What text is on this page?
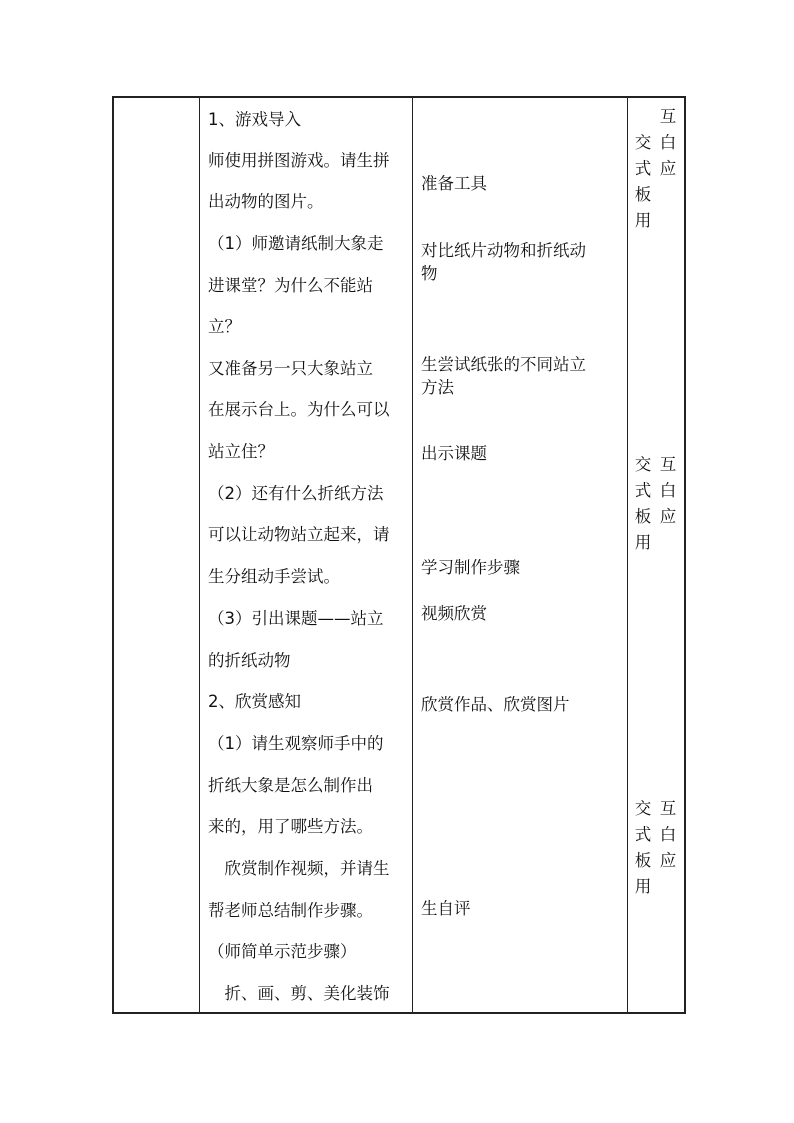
1、游戏导入
师使用拼图游戏。请生拼
出动物的图片。
（1）师邀请纸制大象走
进课堂？为什么不能站
立？
又准备另一只大象站立
在展示台上。为什么可以
站立住？
（2）还有什么折纸方法
可以让动物站立起来，请
生分组动手尝试。
（3）引出课题——站立
的折纸动物
2、欣赏感知
（1）请生观察师手中的
折纸大象是怎么制作出
来的，用了哪些方法。
　欣赏制作视频，并请生
帮老师总结制作步骤。
（师简单示范步骤）
　折、画、剪、美化装饰
准备工具
对比纸片动物和折纸动
物
生尝试纸张的不同站立
方法
出示课题
学习制作步骤
视频欣赏
欣赏作品、欣赏图片
生自评
交
式
板
用
互
白
应
交
式
板
用
互
白
应
交
式
板
用
互
白
应
